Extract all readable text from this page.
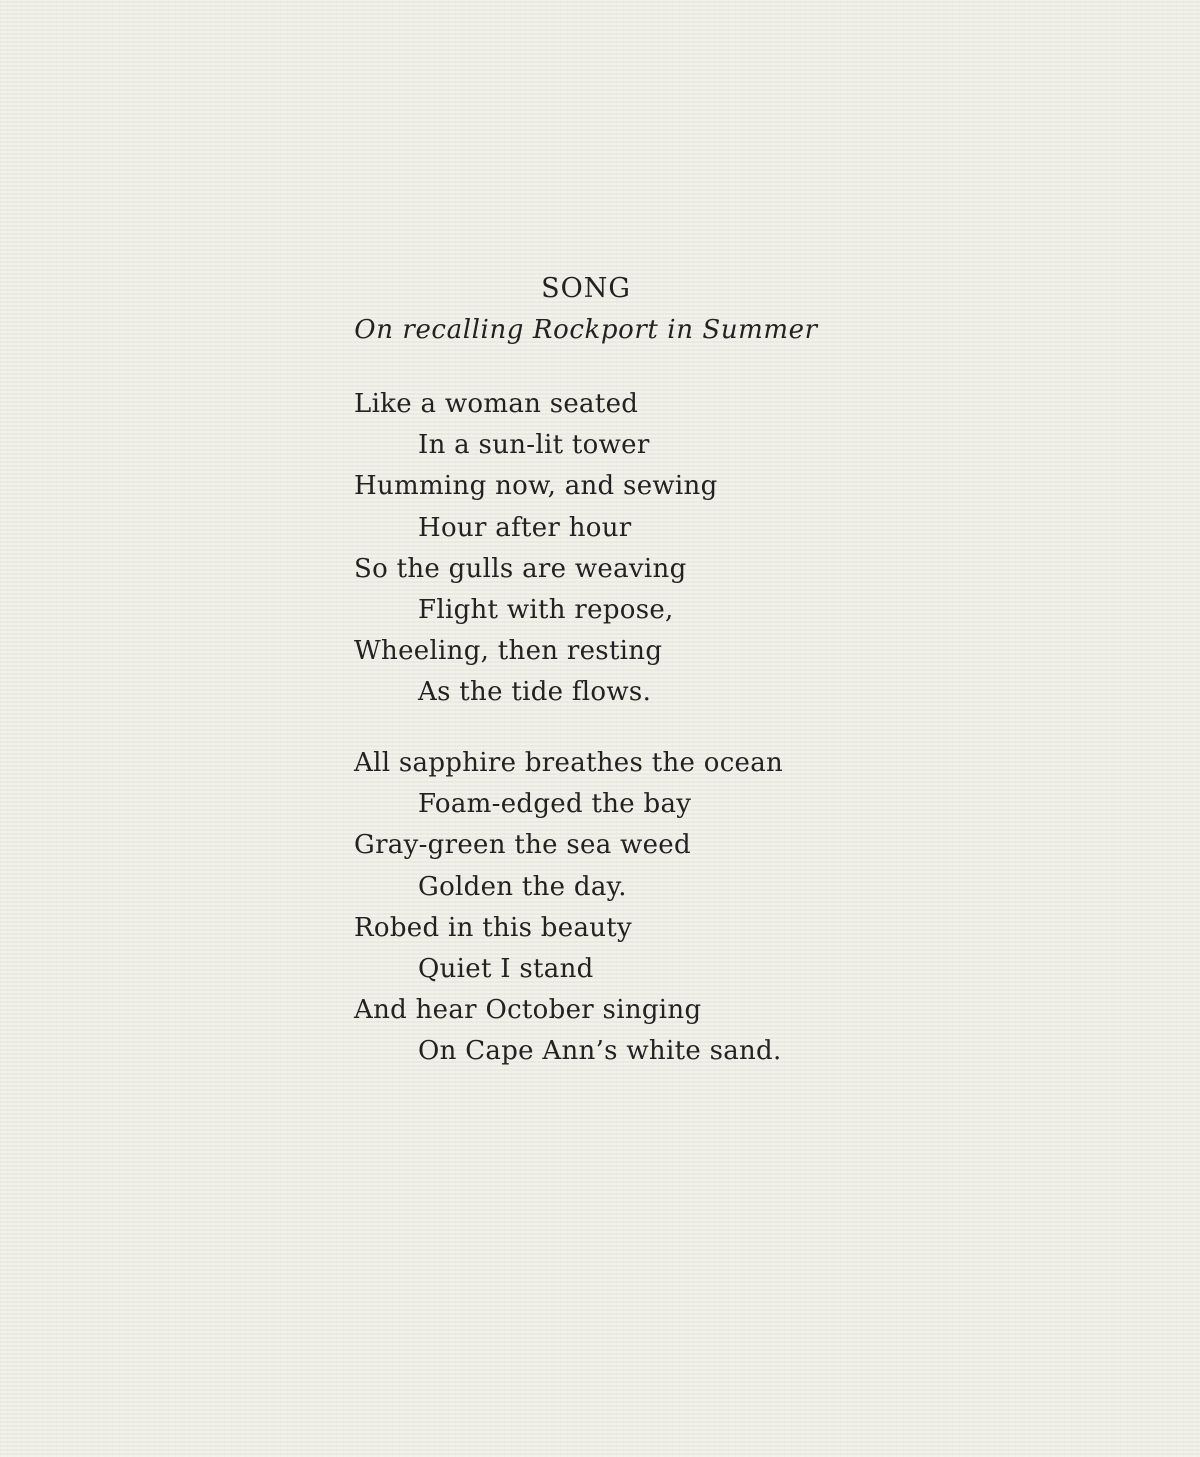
SONG
On recalling Rockport in Summer
Like a woman seated
In a sun-lit tower
Humming now, and sewing
Hour after hour
So the gulls are weaving
Flight with repose,
Wheeling, then resting
As the tide flows.
All sapphire breathes the ocean
Foam-edged the bay
Gray-green the sea weed
Golden the day.
Robed in this beauty
Quiet I stand
And hear October singing
On Cape Ann’s white sand.
